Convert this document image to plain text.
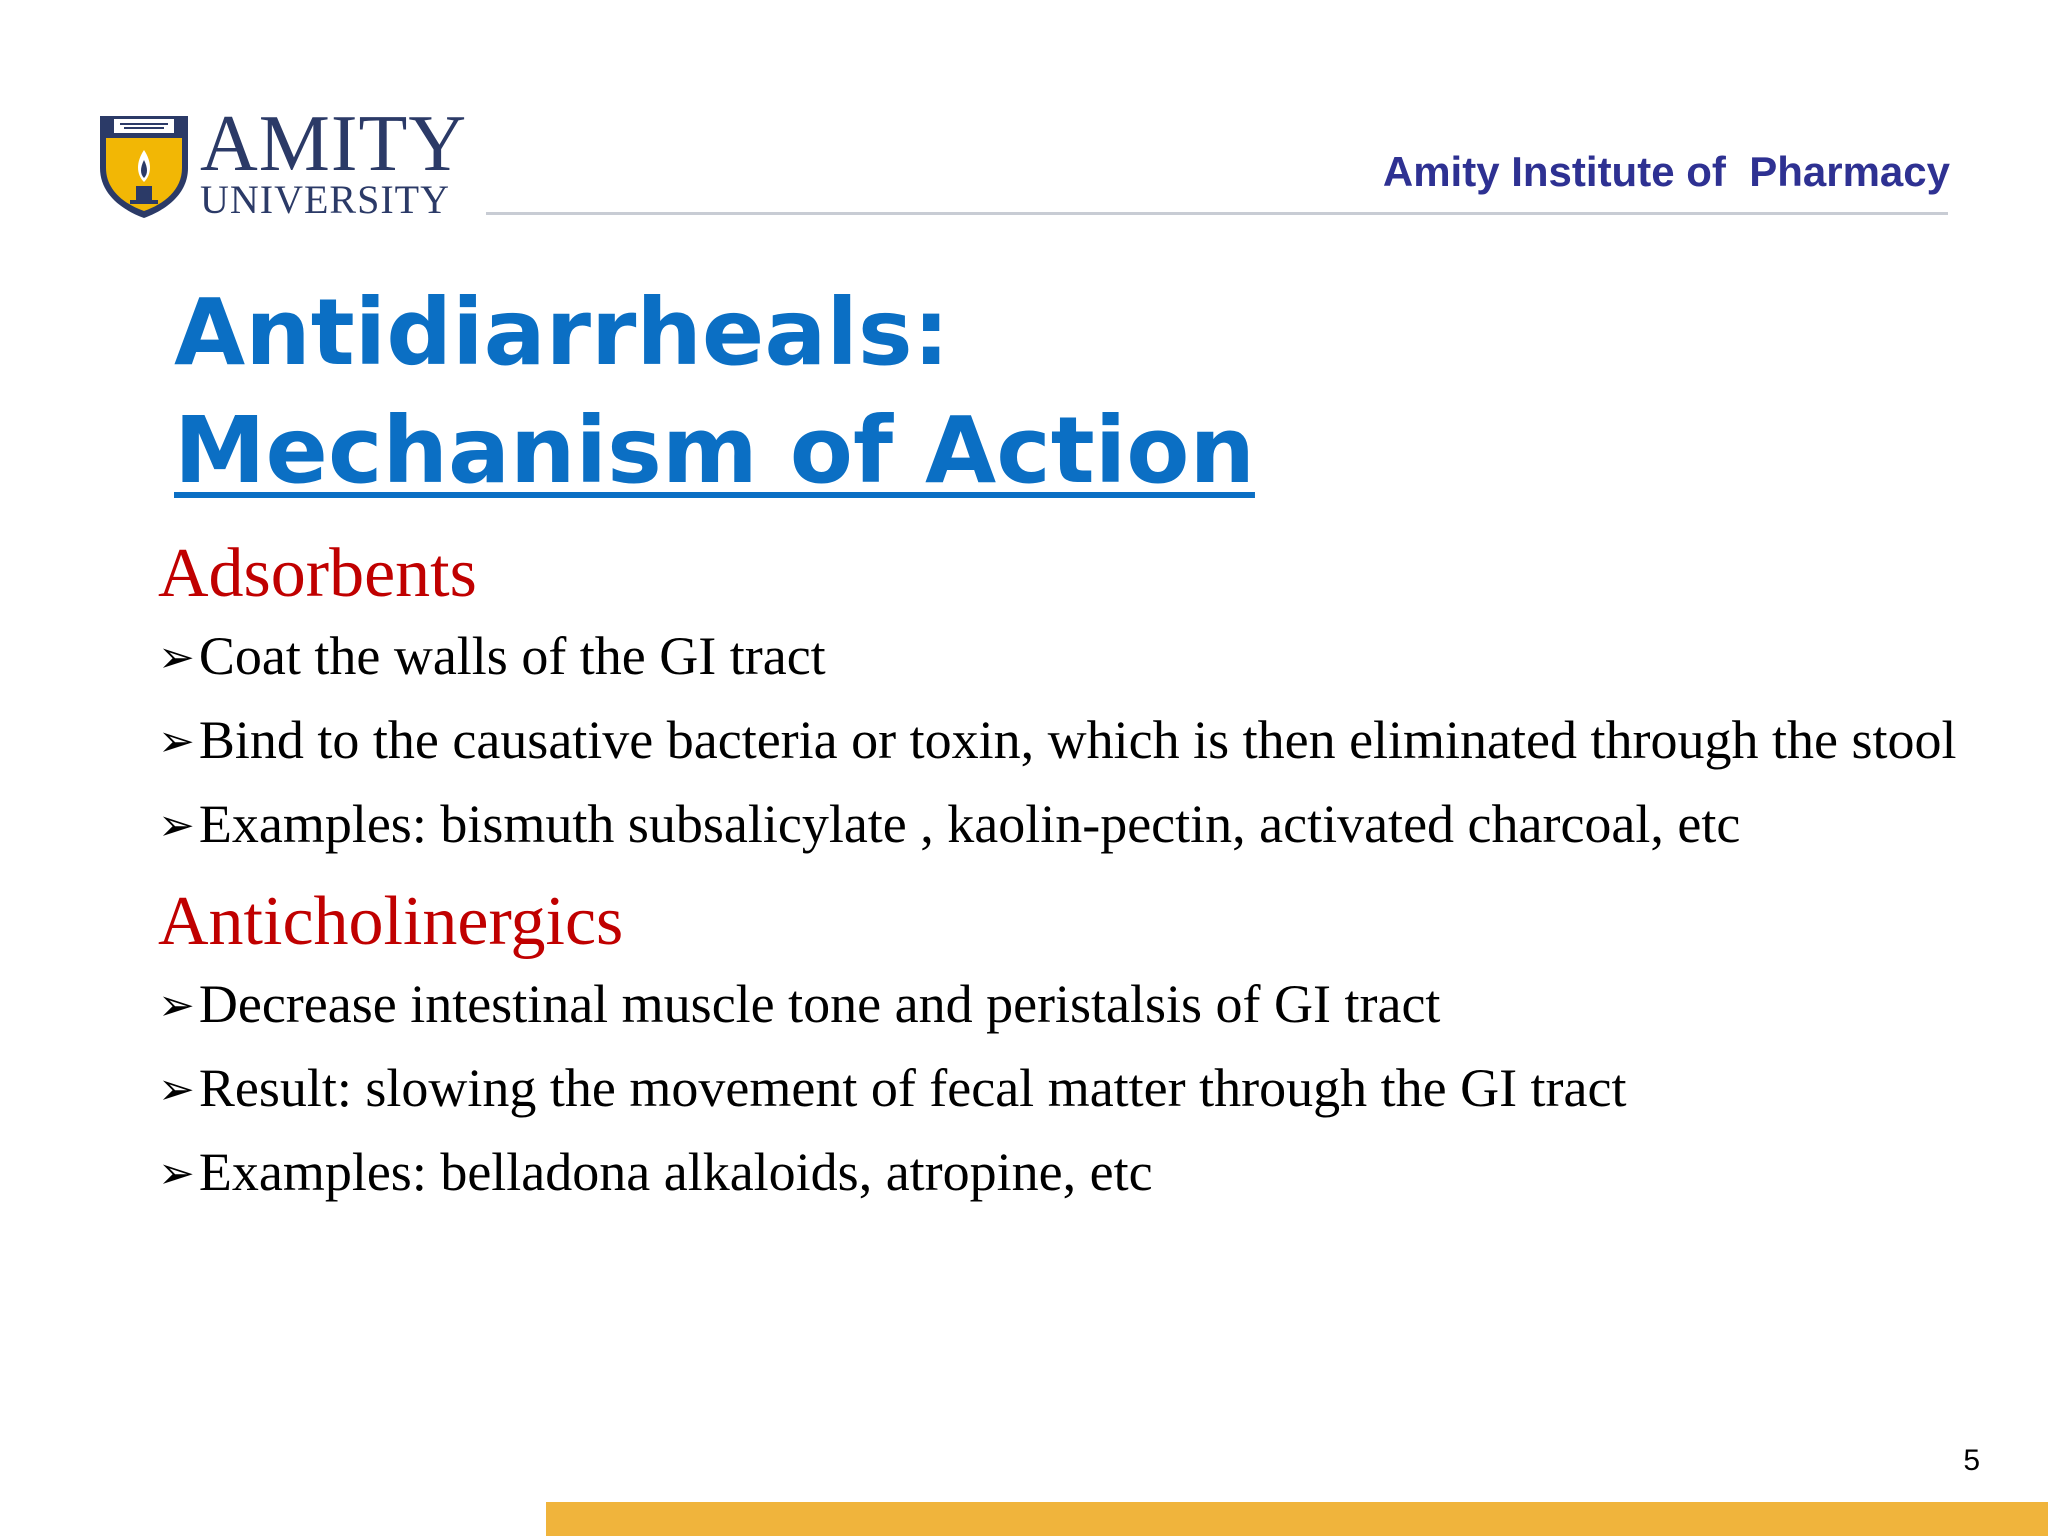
AMITY
UNIVERSITY
Amity Institute of  Pharmacy
Antidiarrheals:
Mechanism of Action

Adsorbents

➢Coat the walls of the GI tract

➢Bind to the causative bacteria or toxin, which is then eliminated through the stool

➢Examples: bismuth subsalicylate , kaolin-pectin, activated charcoal, etc

Anticholinergics

➢Decrease intestinal muscle tone and peristalsis of GI tract

➢Result: slowing the movement of fecal matter through the GI tract

➢Examples: belladona alkaloids, atropine, etc

5
